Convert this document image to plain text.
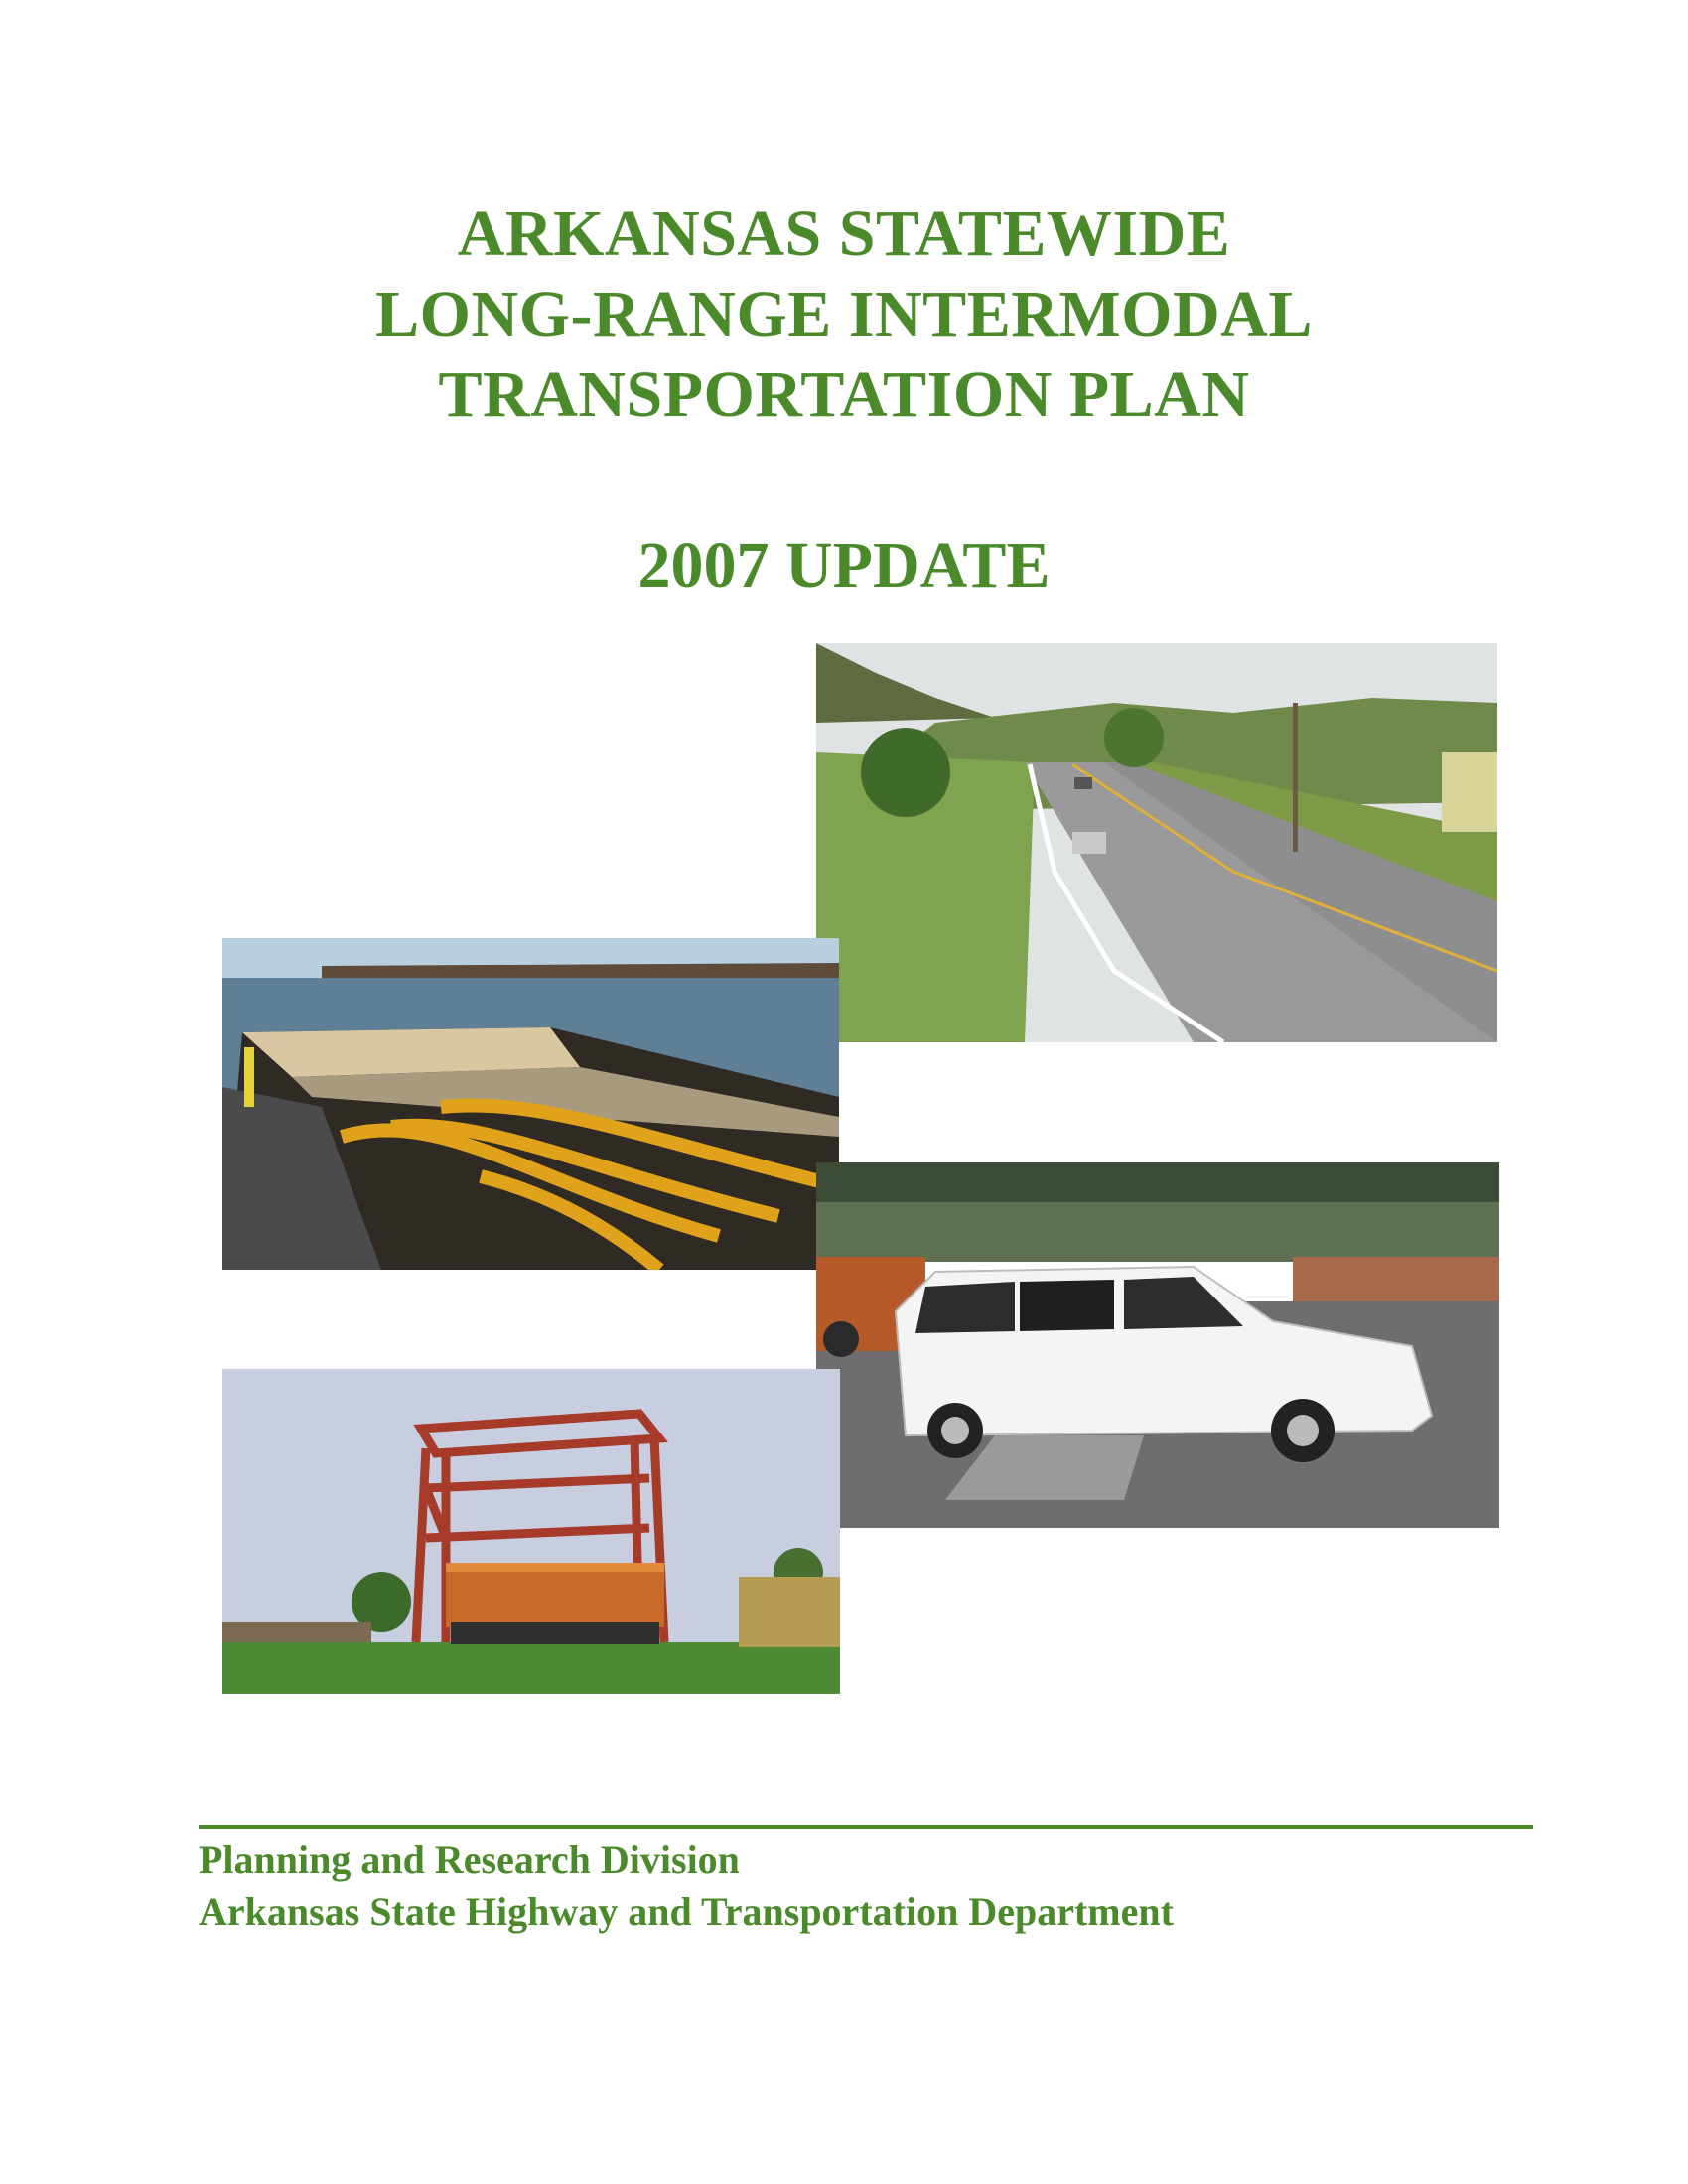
ARKANSAS STATEWIDE
LONG-RANGE INTERMODAL
TRANSPORTATION PLAN
2007 UPDATE
Planning and Research Division
Arkansas State Highway and Transportation Department
